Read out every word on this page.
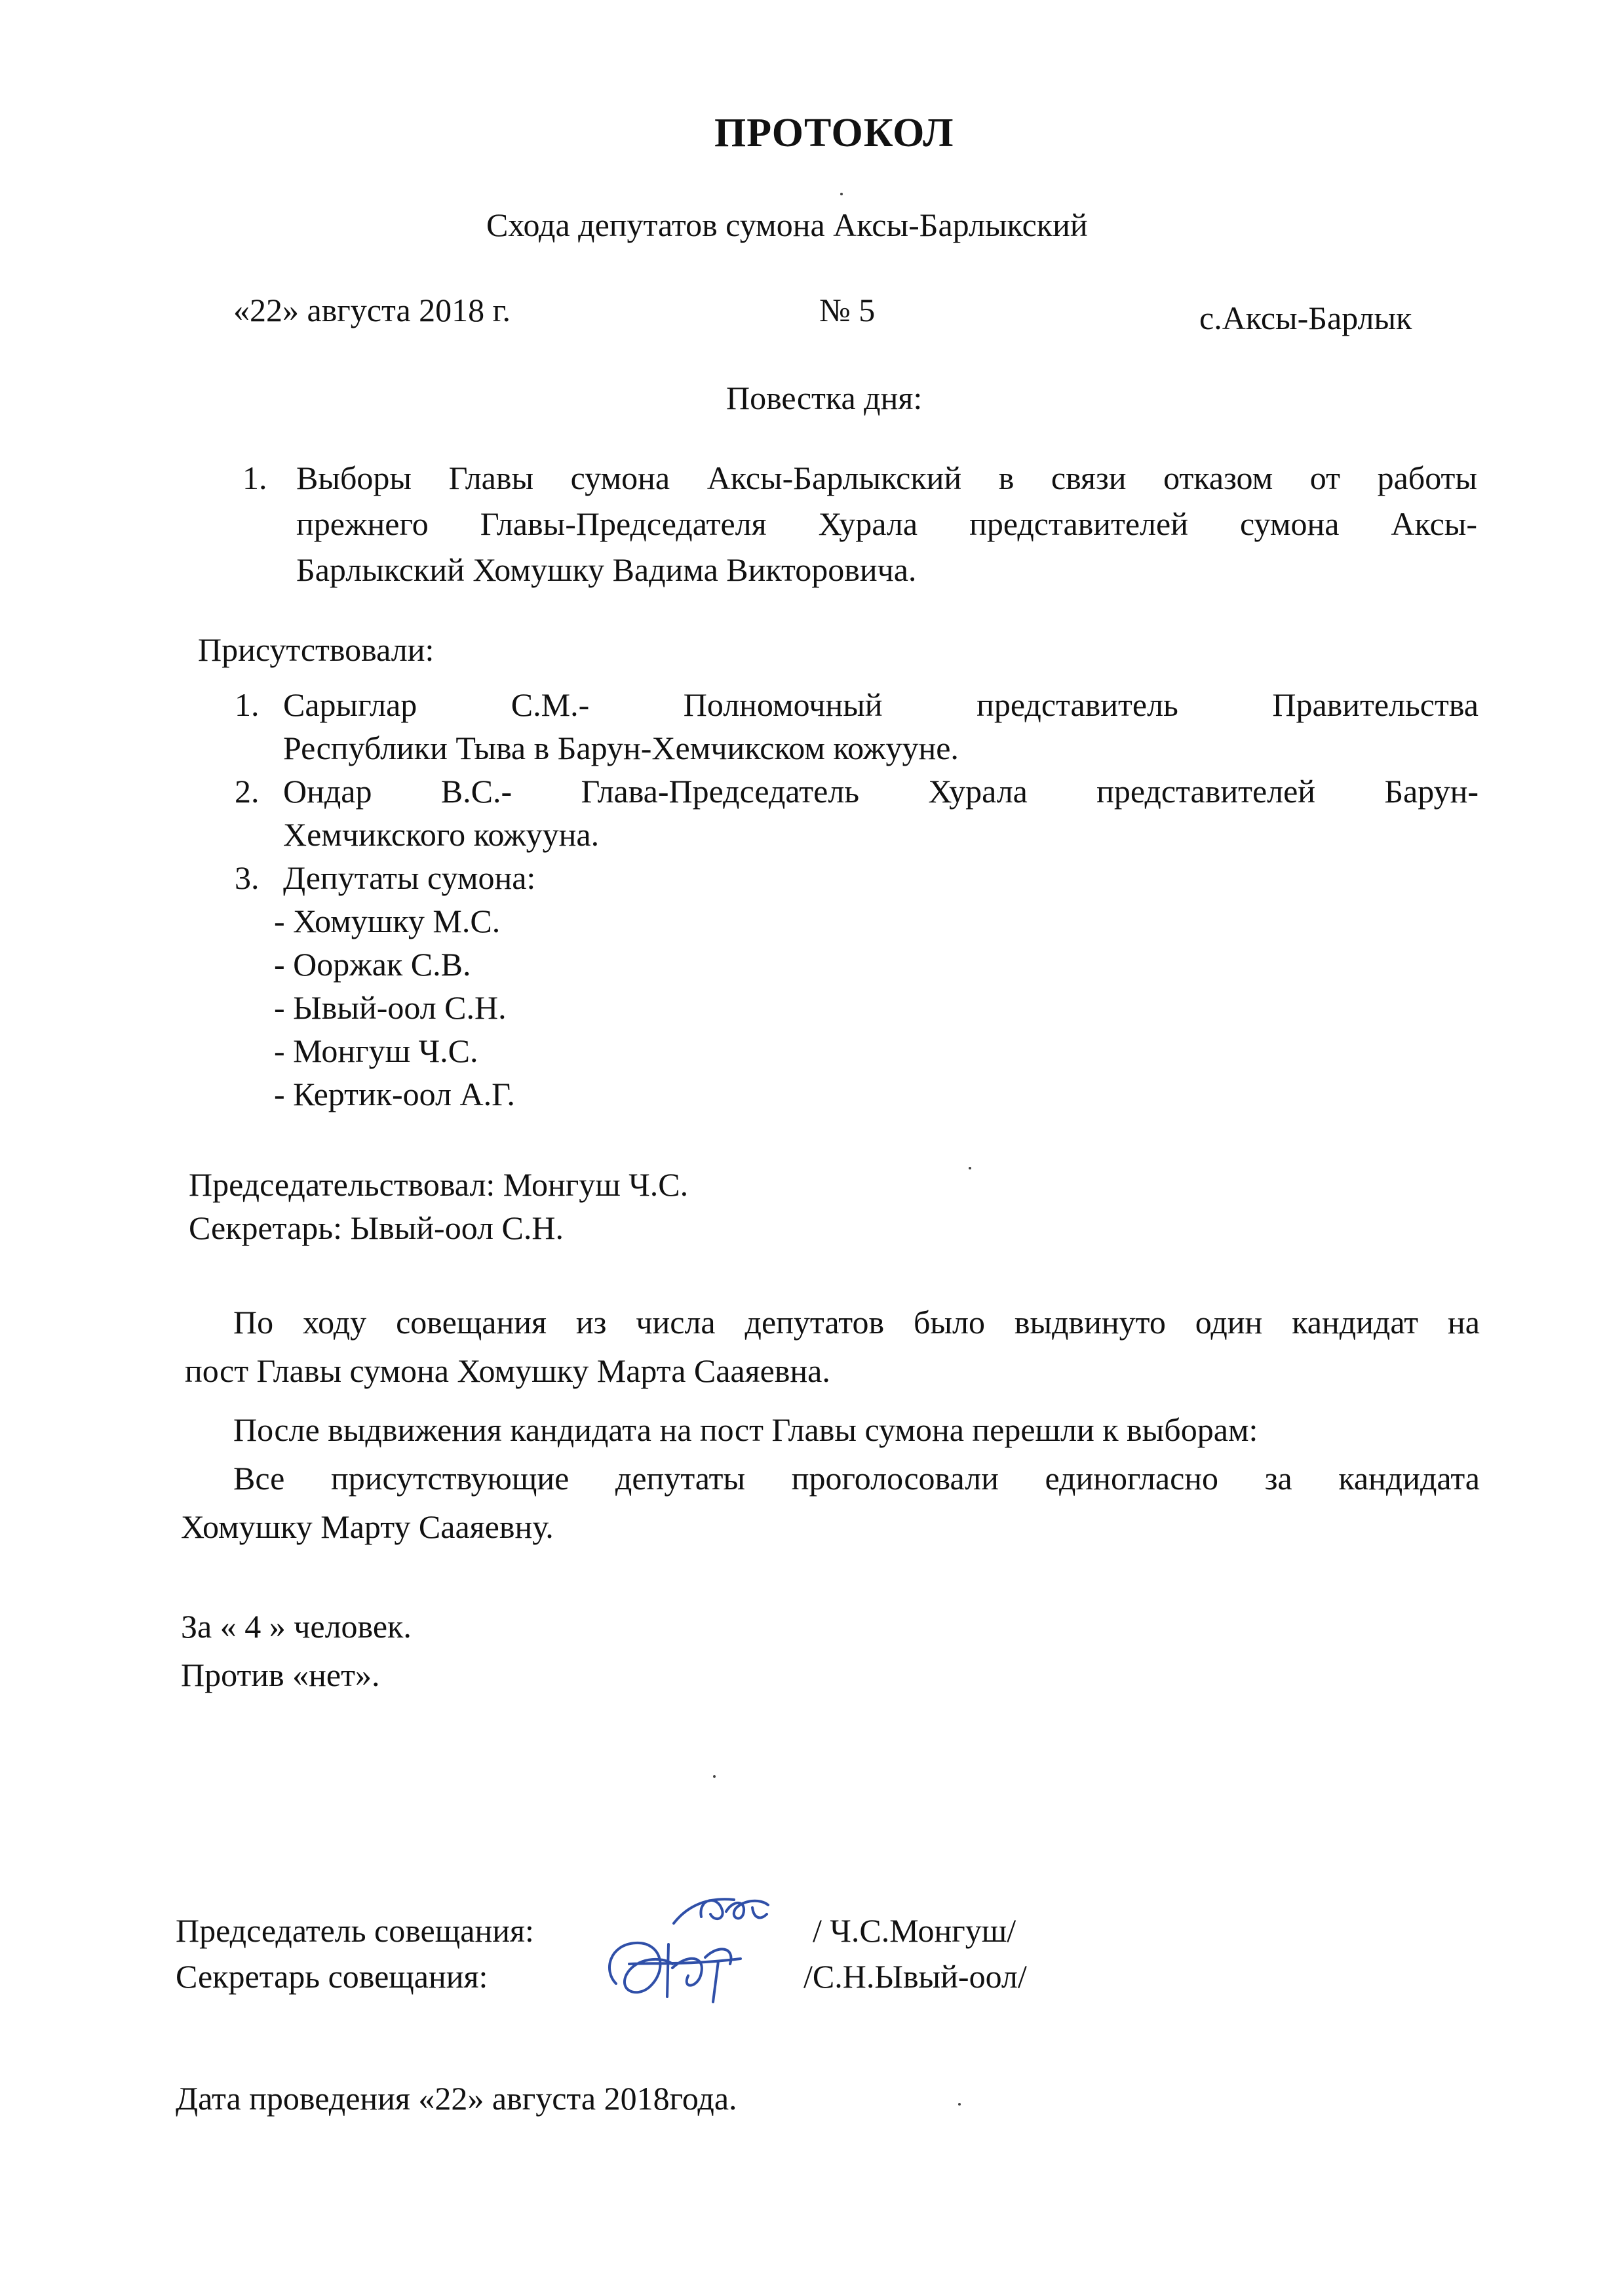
ПРОТОКОЛ
Схода депутатов сумона Аксы-Барлыкский
«22» августа 2018 г.	№ 5	с.Аксы-Барлык
Повестка дня:
1. Выборы Главы сумона Аксы-Барлыкский в связи отказом от работы
прежнего Главы-Председателя Хурала представителей сумона Аксы-
Барлыкский Хомушку Вадима Викторовича.
Присутствовали:
1. Сарыглар С.М.- Полномочный представитель Правительства
Республики Тыва в Барун-Хемчикском кожууне.
2. Ондар В.С.- Глава-Председатель Хурала представителей Барун-
Хемчикского кожууна.
3. Депутаты сумона:
- Хомушку М.С.
- Ооржак С.В.
- Ывый-оол С.Н.
- Монгуш Ч.С.
- Кертик-оол А.Г.
Председательствовал: Монгуш Ч.С.
Секретарь: Ывый-оол С.Н.
По ходу совещания из числа депутатов было выдвинуто один кандидат на
пост Главы сумона Хомушку Марта Сааяевна.
После выдвижения кандидата на пост Главы сумона перешли к выборам:
Все присутствующие депутаты проголосовали единогласно за кандидата
Хомушку Марту Сааяевну.
За « 4 » человек.
Против «нет».
Председатель совещания:	/ Ч.С.Монгуш/
Секретарь совещания:	/С.Н.Ывый-оол/
Дата проведения «22» августа 2018года.
